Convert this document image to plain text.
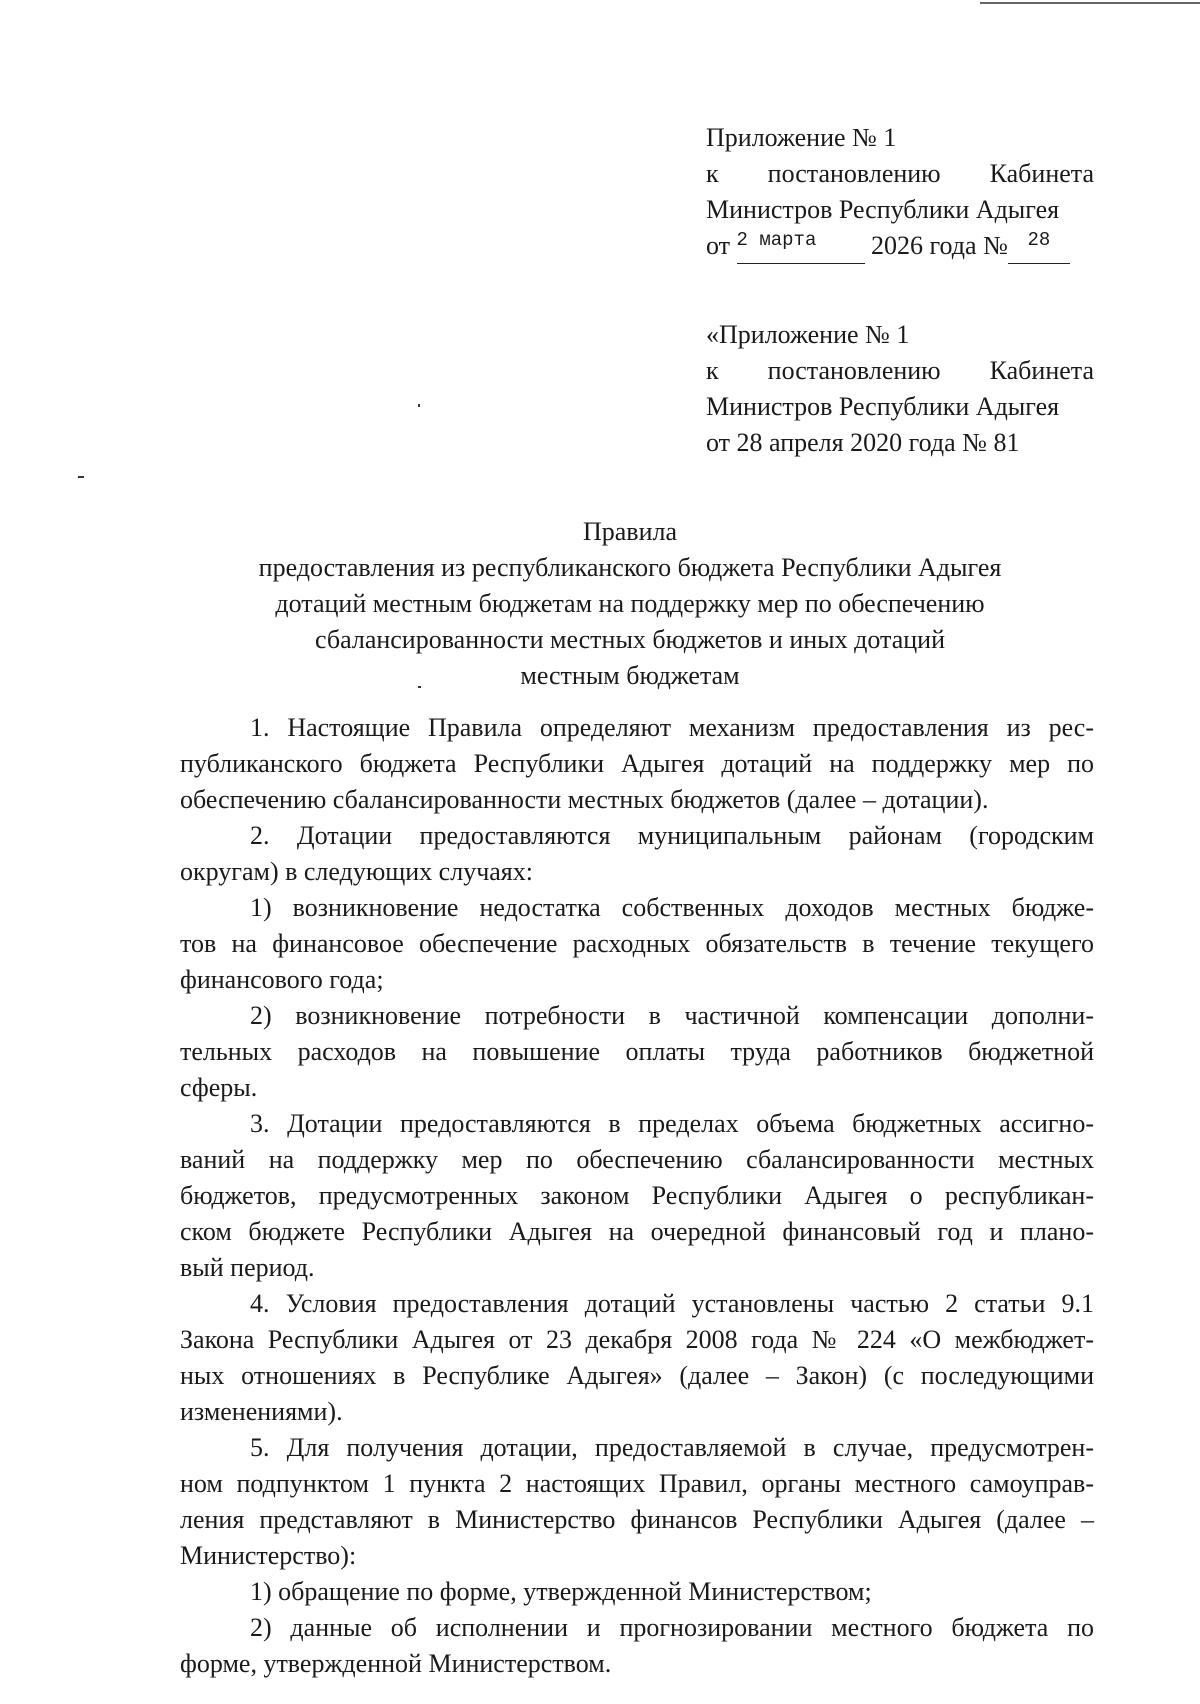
Приложение № 1
к постановлению Кабинета
Министров Республики Адыгея
от
2 марта
	2026 года №	28
«Приложение № 1
к постановлению Кабинета
Министров Республики Адыгея
от 28 апреля 2020 года № 81
Правила
предоставления из республиканского бюджета Республики Адыгея
дотаций местным бюджетам на поддержку мер по обеспечению
сбалансированности местных бюджетов и иных дотаций
местным бюджетам

1. Настоящие Правила определяют механизм предоставления из рес-
публиканского бюджета Республики Адыгея дотаций на поддержку мер по
обеспечению сбалансированности местных бюджетов (далее – дотации).

2. Дотации предоставляются муниципальным районам (городским
округам) в следующих случаях:

1) возникновение недостатка собственных доходов местных бюдже-
тов на финансовое обеспечение расходных обязательств в течение текущего
финансового года;

2) возникновение потребности в частичной компенсации дополни-
тельных расходов на повышение оплаты труда работников бюджетной
сферы.

3. Дотации предоставляются в пределах объема бюджетных ассигно-
ваний на поддержку мер по обеспечению сбалансированности местных
бюджетов, предусмотренных законом Республики Адыгея о республикан-
ском бюджете Республики Адыгея на очередной финансовый год и плано-
вый период.

4. Условия предоставления дотаций установлены частью 2 статьи 9.1
Закона Республики Адыгея от 23 декабря 2008 года № 224 «О межбюджет-
ных отношениях в Республике Адыгея» (далее – Закон) (с последующими
изменениями).

5. Для получения дотации, предоставляемой в случае, предусмотрен-
ном подпунктом 1 пункта 2 настоящих Правил, органы местного самоуправ-
ления представляют в Министерство финансов Республики Адыгея (далее –
Министерство):

1) обращение по форме, утвержденной Министерством;

2) данные об исполнении и прогнозировании местного бюджета по
форме, утвержденной Министерством.
